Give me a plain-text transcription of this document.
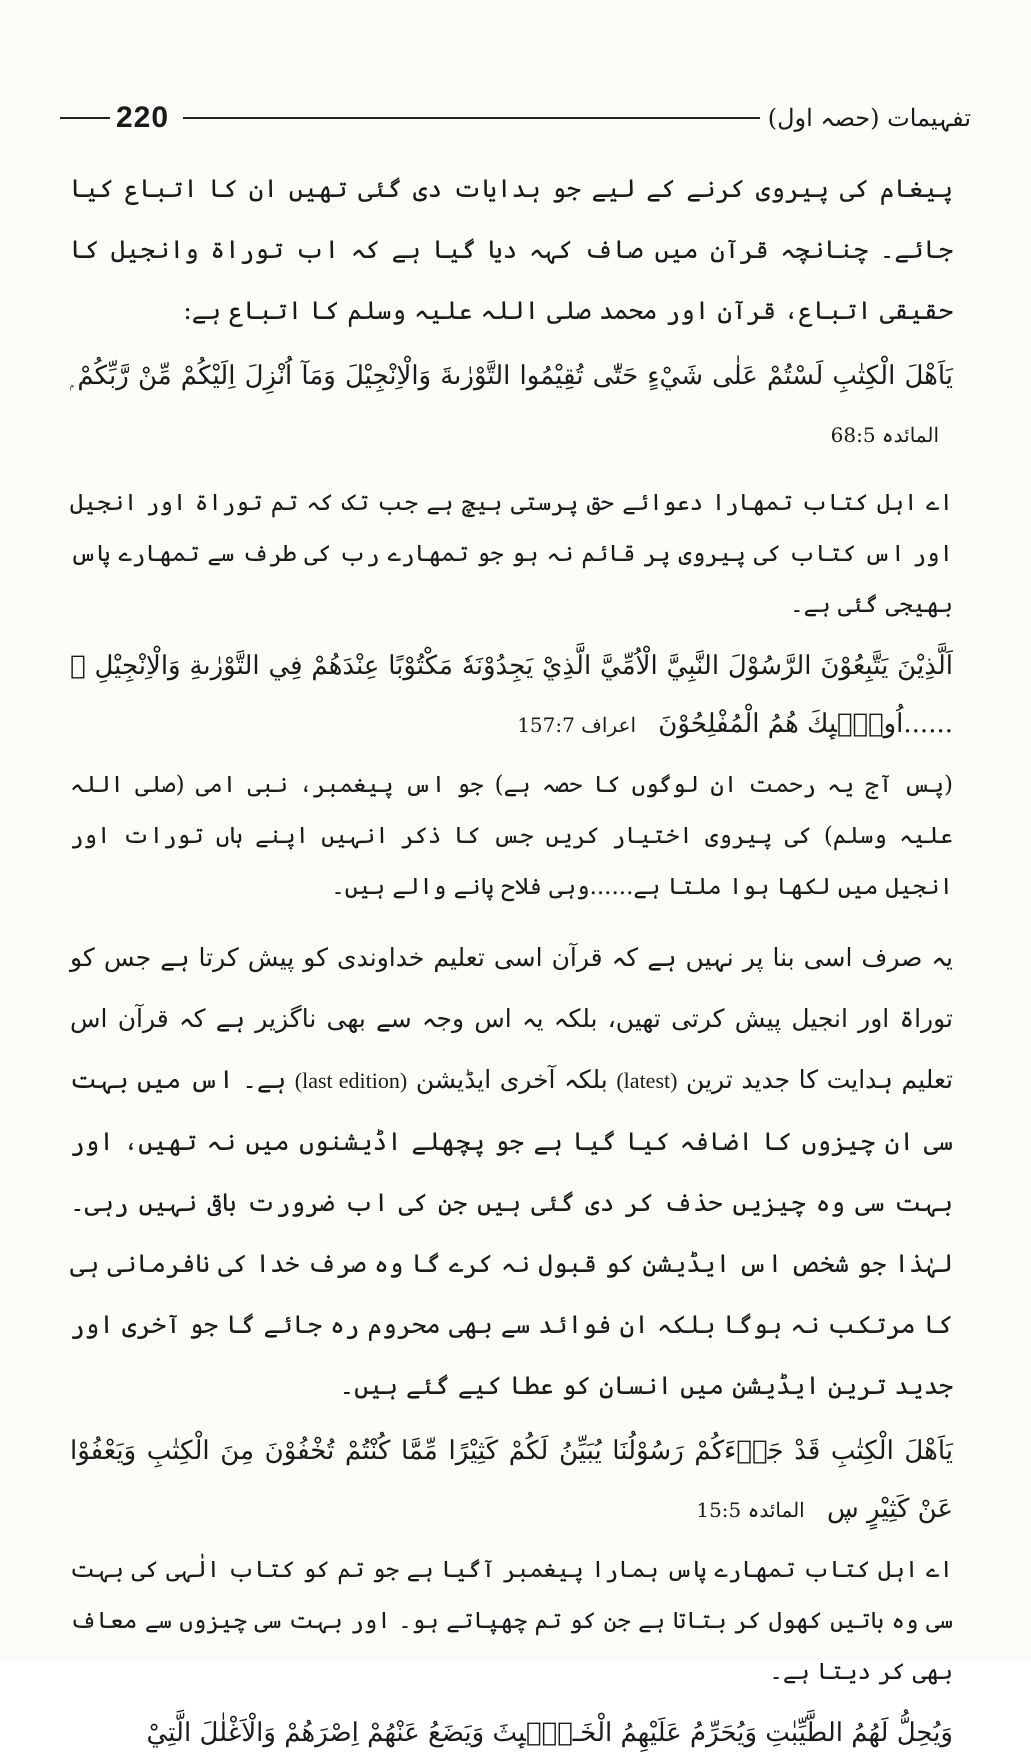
220	تفہیمات (حصہ اول)

پیغام کی پیروی کرنے کے لیے جو ہدایات دی گئی تھیں ان کا اتباع کیا جائے۔ چنانچہ قرآن میں صاف کہہ دیا گیا ہے کہ اب توراۃ وانجیل کا حقیقی اتباع، قرآن اور محمد صلی اللہ علیہ وسلم کا اتباع ہے:

يَاَهْلَ الْكِتٰبِ لَسْتُمْ عَلٰى شَيْءٍ حَتّٰى تُقِيْمُوا التَّوْرٰىةَ وَالْاِنْجِيْلَ وَمَآ اُنْزِلَ اِلَيْكُمْ مِّنْ رَّبِّكُمْ ۭ المائدہ 68:5

اے اہل کتاب تمھارا دعوائے حق پرستی ہیچ ہے جب تک کہ تم توراۃ اور انجیل اور اس کتاب کی پیروی پر قائم نہ ہو جو تمھارے رب کی طرف سے تمھارے پاس بھیجی گئی ہے۔

اَلَّذِيْنَ يَتَّبِعُوْنَ الرَّسُوْلَ النَّبِيَّ الْاُمِّيَّ الَّذِيْ يَجِدُوْنَهٗ مَكْتُوْبًا عِنْدَهُمْ فِي التَّوْرٰىةِ وَالْاِنْجِيْلِ ۡ ......اُولٰۗىِٕكَ هُمُ الْمُفْلِحُوْنَ اعراف 157:7

(پس آج یہ رحمت ان لوگوں کا حصہ ہے) جو اس پیغمبر، نبی امی (صلی اللہ علیہ وسلم) کی پیروی اختیار کریں جس کا ذکر انہیں اپنے ہاں تورات اور انجیل میں لکھا ہوا ملتا ہے......وہی فلاح پانے والے ہیں۔

یہ صرف اسی بنا پر نہیں ہے کہ قرآن اسی تعلیم خداوندی کو پیش کرتا ہے جس کو توراۃ اور انجیل پیش کرتی تھیں، بلکہ یہ اس وجہ سے بھی ناگزیر ہے کہ قرآن اس تعلیم ہدایت کا جدید ترین (latest) بلکہ آخری ایڈیشن (last edition) ہے۔ اس میں بہت سی ان چیزوں کا اضافہ کیا گیا ہے جو پچھلے اڈیشنوں میں نہ تھیں، اور بہت سی وہ چیزیں حذف کر دی گئی ہیں جن کی اب ضرورت باقی نہیں رہی۔ لہٰذا جو شخص اس ایڈیشن کو قبول نہ کرے گا وہ صرف خدا کی نافرمانی ہی کا مرتکب نہ ہوگا بلکہ ان فوائد سے بھی محروم رہ جائے گا جو آخری اور جدید ترین ایڈیشن میں انسان کو عطا کیے گئے ہیں۔

يَاَهْلَ الْكِتٰبِ قَدْ جَاۗءَكُمْ رَسُوْلُنَا يُبَيِّنُ لَكُمْ كَثِيْرًا مِّمَّا كُنْتُمْ تُخْفُوْنَ مِنَ الْكِتٰبِ وَيَعْفُوْا عَنْ كَثِيْرٍ ڛ المائدہ 15:5

اے اہل کتاب تمھارے پاس ہمارا پیغمبر آگیا ہے جو تم کو کتاب الٰہی کی بہت سی وہ باتیں کھول کر بتاتا ہے جن کو تم چھپاتے ہو۔ اور بہت سی چیزوں سے معاف بھی کر دیتا ہے۔

وَيُحِلُّ لَهُمُ الطَّيِّبٰتِ وَيُحَرِّمُ عَلَيْهِمُ الْخَـبٰۗىِٕثَ وَيَضَعُ عَنْهُمْ اِصْرَهُمْ وَالْاَغْلٰلَ الَّتِيْ
